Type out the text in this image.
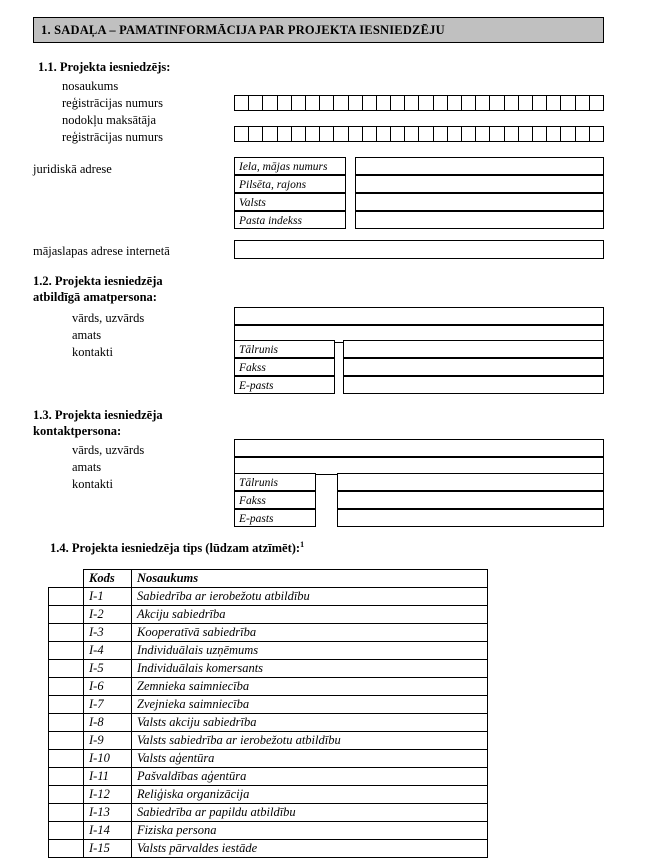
1. SADAĻA – PAMATINFORMĀCIJA PAR PROJEKTA IESNIEDZĒJU
1.1. Projekta iesniedzējs:
nosaukums
reģistrācijas numurs
nodokļu maksātāja
reģistrācijas numurs
juridiskā adrese	Iela, mājas numurs
Pilsēta, rajons
Valsts
Pasta indekss
mājaslapas adrese internetā
1.2. Projekta iesniedzēja
atbildīgā amatpersona:
vārds, uzvārds
amats
kontakti	Tālrunis
Fakss
E-pasts
1.3. Projekta iesniedzēja
kontaktpersona:
vārds, uzvārds
amats
kontakti	Tālrunis
Fakss
E-pasts
1.4. Projekta iesniedzēja tips (lūdzam atzīmēt):$^1$
	Kods	Nosaukums
	I-1	Sabiedrība ar ierobežotu atbildību
	I-2	Akciju sabiedrība
	I-3	Kooperatīvā sabiedrība
	I-4	Individuālais uzņēmums
	I-5	Individuālais komersants
	I-6	Zemnieka saimniecība
	I-7	Zvejnieka saimniecība
	I-8	Valsts akciju sabiedrība
	I-9	Valsts sabiedrība ar ierobežotu atbildību
	I-10	Valsts aģentūra
	I-11	Pašvaldības aģentūra
	I-12	Reliģiska organizācija
	I-13	Sabiedrība ar papildu atbildību
	I-14	Fiziska persona
	I-15	Valsts pārvaldes iestāde
